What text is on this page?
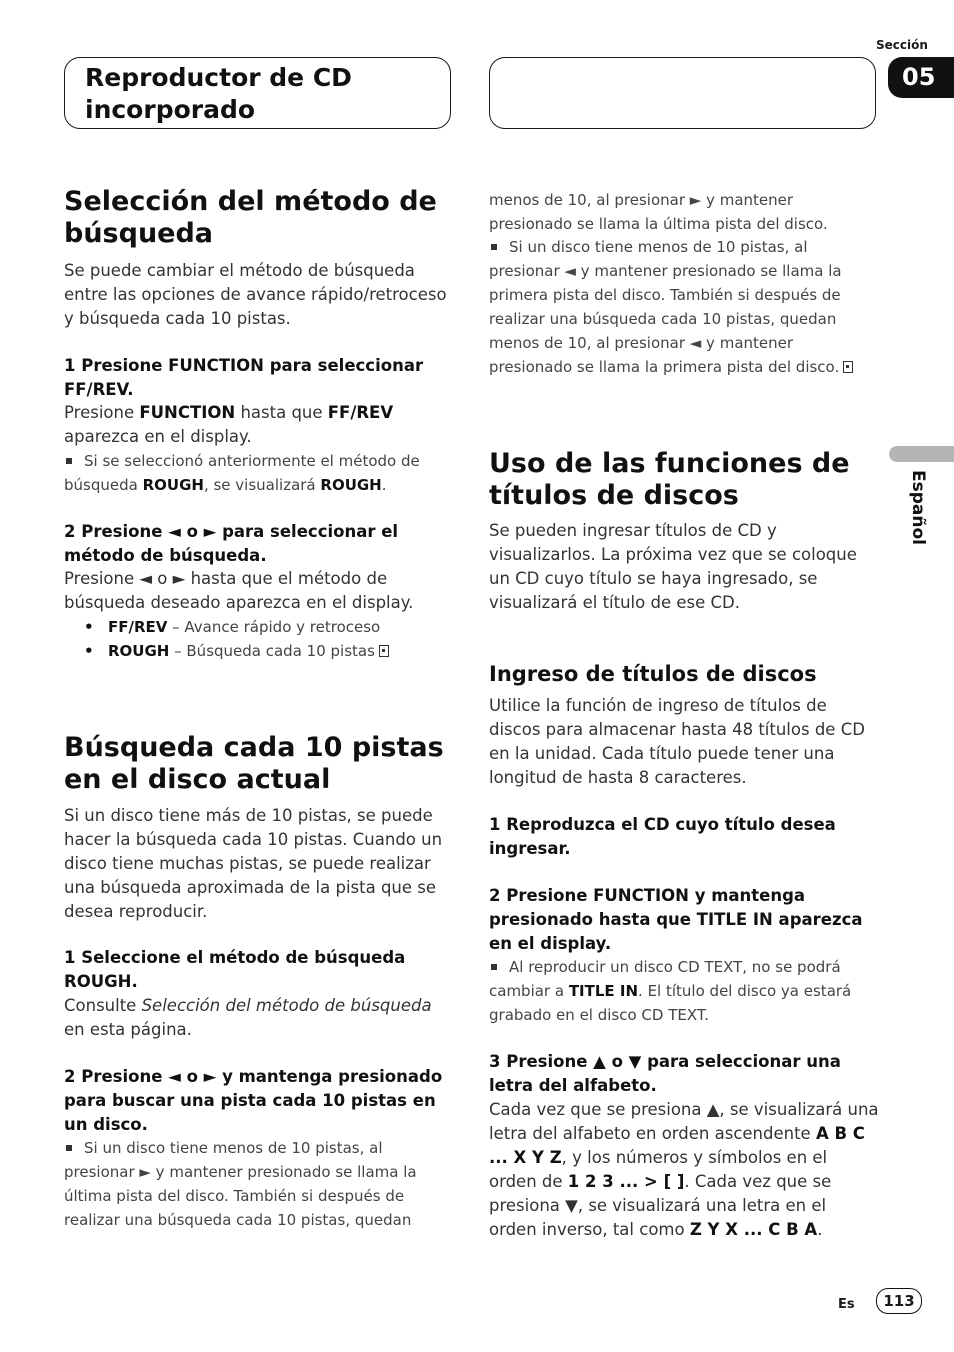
Reproductor de CD incorporado
Sección
05
Español
Selección del método de búsqueda

Se puede cambiar el método de búsqueda entre las opciones de avance rápido/retroceso y búsqueda cada 10 pistas.

1 Presione FUNCTION para seleccionar FF/REV.

Presione FUNCTION hasta que FF/REV aparezca en el display.

Si se seleccionó anteriormente el método de búsqueda ROUGH, se visualizará ROUGH.

2 Presione ◄ o ► para seleccionar el método de búsqueda.

Presione ◄ o ► hasta que el método de búsqueda deseado aparezca en el display.

• FF/REV – Avance rápido y retroceso
• ROUGH – Búsqueda cada 10 pistas
Búsqueda cada 10 pistas en el disco actual

Si un disco tiene más de 10 pistas, se puede hacer la búsqueda cada 10 pistas. Cuando un disco tiene muchas pistas, se puede realizar una búsqueda aproximada de la pista que se desea reproducir.

1 Seleccione el método de búsqueda ROUGH.

Consulte Selección del método de búsqueda en esta página.

2 Presione ◄ o ► y mantenga presionado para buscar una pista cada 10 pistas en un disco.

Si un disco tiene menos de 10 pistas, al presionar ► y mantener presionado se llama la última pista del disco. También si después de realizar una búsqueda cada 10 pistas, quedan

menos de 10, al presionar ► y mantener presionado se llama la última pista del disco.

Si un disco tiene menos de 10 pistas, al presionar ◄ y mantener presionado se llama la primera pista del disco. También si después de realizar una búsqueda cada 10 pistas, quedan menos de 10, al presionar ◄ y mantener presionado se llama la primera pista del disco.

Uso de las funciones de títulos de discos

Se pueden ingresar títulos de CD y visualizarlos. La próxima vez que se coloque un CD cuyo título se haya ingresado, se visualizará el título de ese CD.

Ingreso de títulos de discos

Utilice la función de ingreso de títulos de discos para almacenar hasta 48 títulos de CD en la unidad. Cada título puede tener una longitud de hasta 8 caracteres.

1 Reproduzca el CD cuyo título desea ingresar.

2 Presione FUNCTION y mantenga presionado hasta que TITLE IN aparezca en el display.

Al reproducir un disco CD TEXT, no se podrá cambiar a TITLE IN. El título del disco ya estará grabado en el disco CD TEXT.

3 Presione ▲ o ▼ para seleccionar una letra del alfabeto.

Cada vez que se presiona ▲, se visualizará una letra del alfabeto en orden ascendente A B C ... X Y Z, y los números y símbolos en el orden de 1 2 3 ... > [ ]. Cada vez que se presiona ▼, se visualizará una letra en el orden inverso, tal como Z Y X ... C B A.

Es	113
